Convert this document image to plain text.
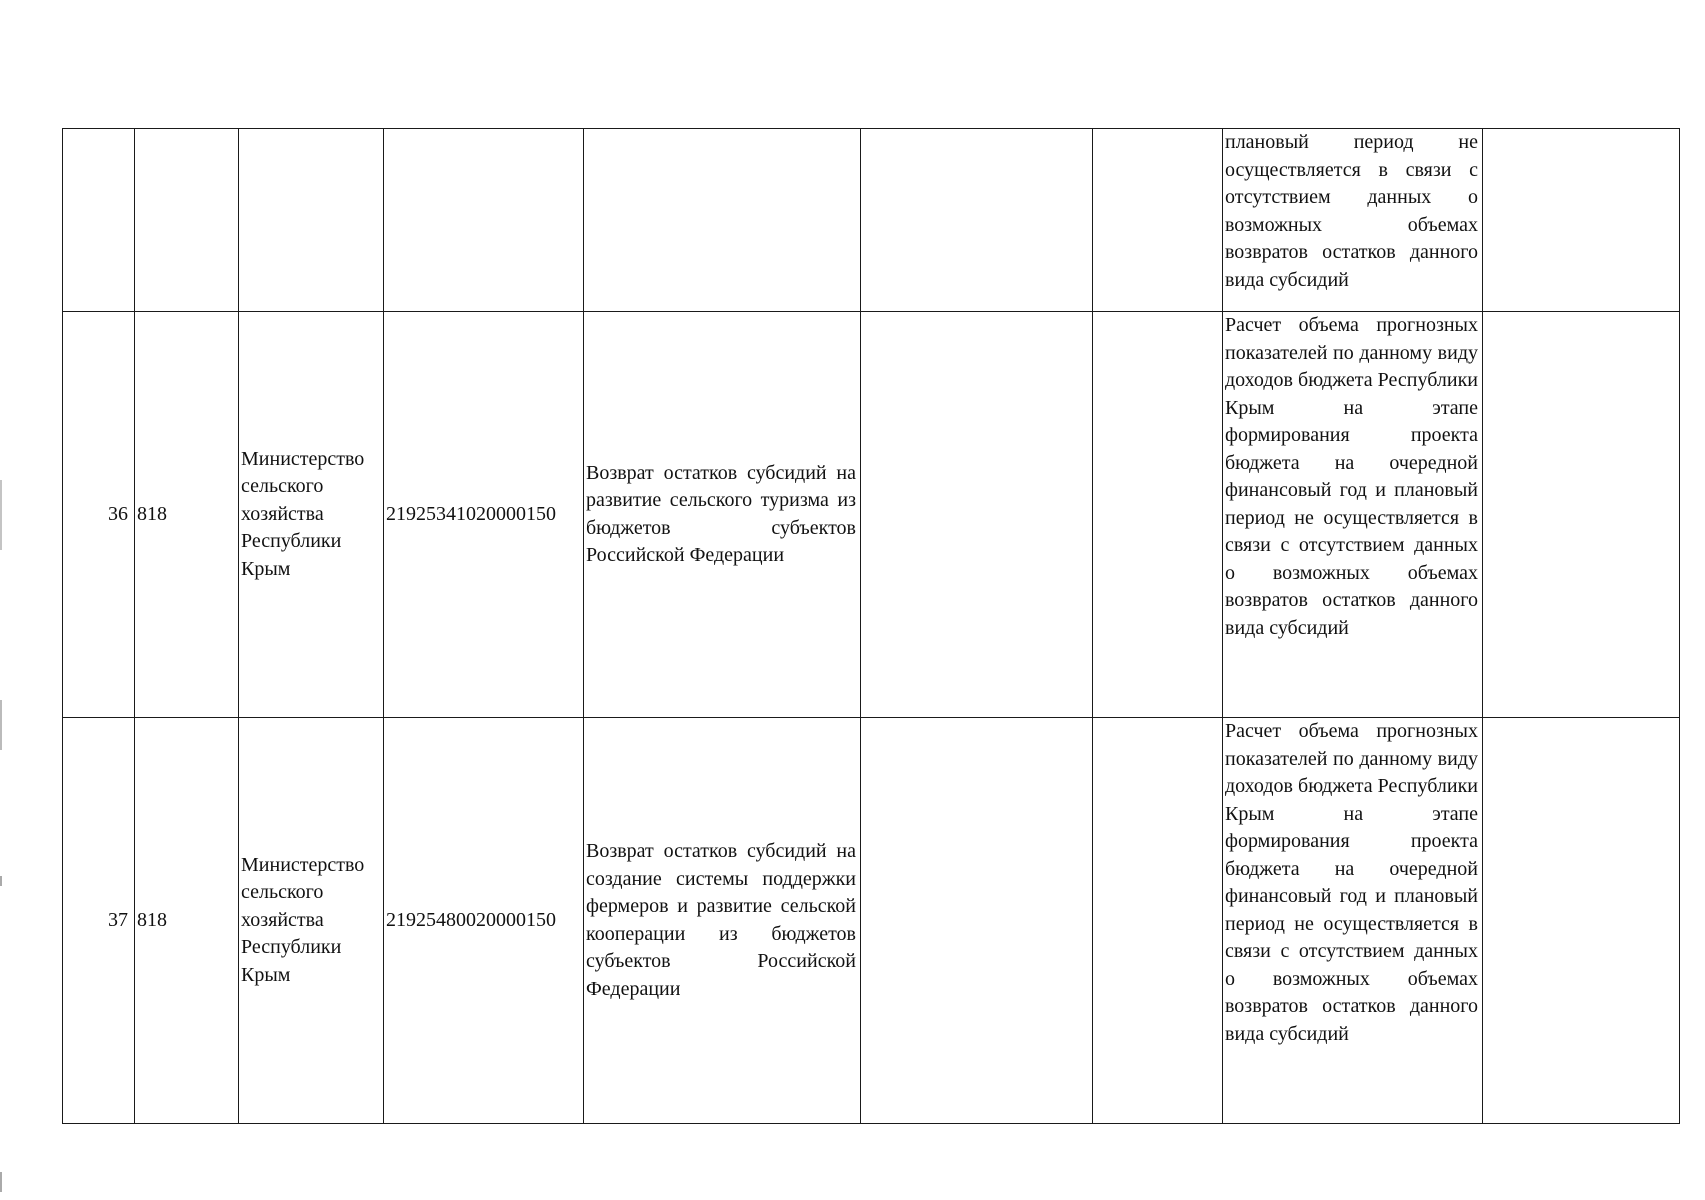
							плановый период не осуществляется в связи с отсутствием данных о возможных объемах возвратов остатков данного вида субсидий	

36	818	Министерство сельского хозяйства Республики Крым	21925341020000150	Возврат остатков субсидий на развитие сельского туризма из бюджетов субъектов Российской Федерации			Расчет объема прогнозных показателей по данному виду доходов бюджета Республики Крым на этапе формирования проекта бюджета на очередной финансовый год и плановый период не осуществляется в связи с отсутствием данных о возможных объемах возвратов остатков данного вида субсидий	

37	818	Министерство сельского хозяйства Республики Крым	21925480020000150	Возврат остатков субсидий на создание системы поддержки фермеров и развитие сельской кооперации из бюджетов субъектов Российской Федерации			Расчет объема прогнозных показателей по данному виду доходов бюджета Республики Крым на этапе формирования проекта бюджета на очередной финансовый год и плановый период не осуществляется в связи с отсутствием данных о возможных объемах возвратов остатков данного вида субсидий	
